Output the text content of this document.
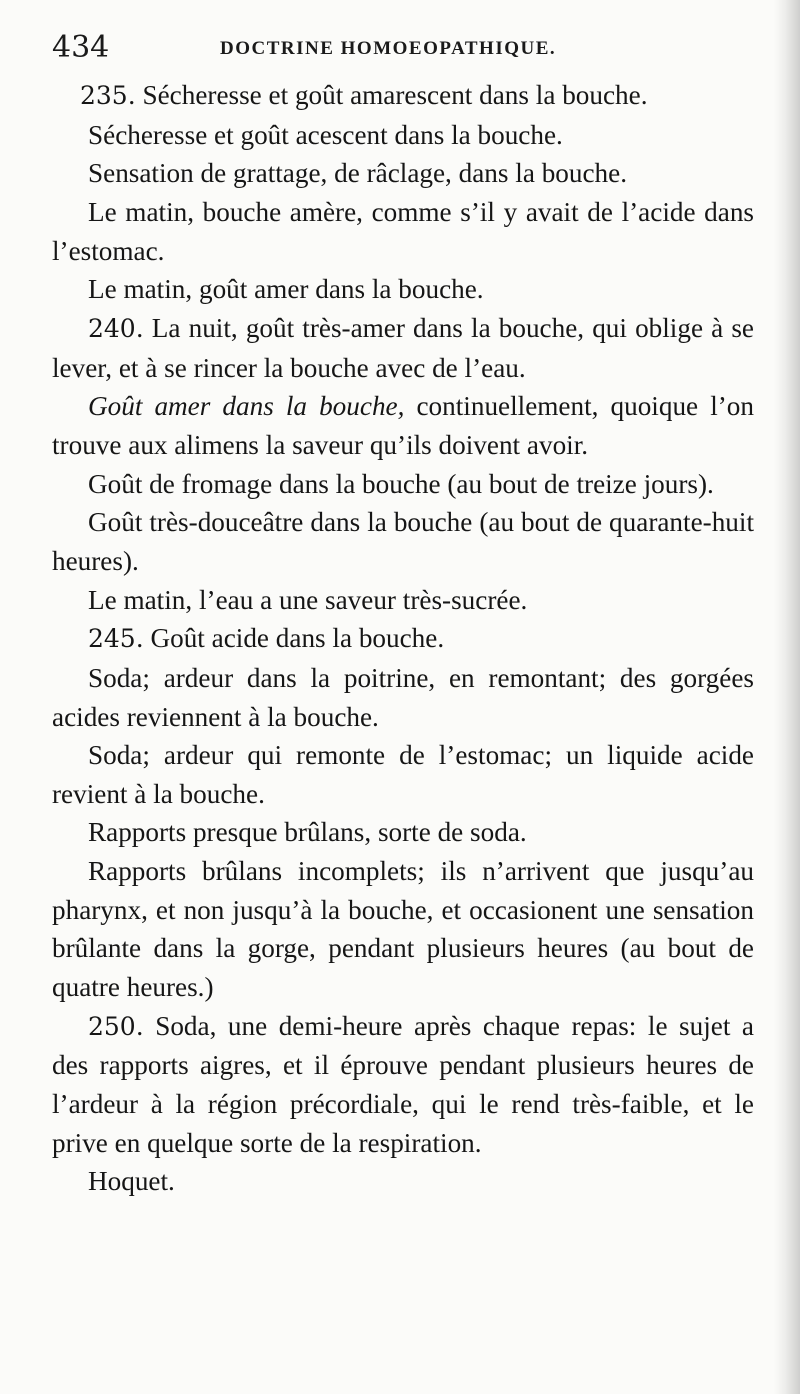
434	DOCTRINE HOMOEOPATHIQUE.

235. Sécheresse et goût amarescent dans la bouche.

Sécheresse et goût acescent dans la bouche.

Sensation de grattage, de râclage, dans la bouche.

Le matin, bouche amère, comme s’il y avait de l’acide dans l’estomac.

Le matin, goût amer dans la bouche.

240. La nuit, goût très-amer dans la bouche, qui oblige à se lever, et à se rincer la bouche avec de l’eau.

Goût amer dans la bouche, continuellement, quoique l’on trouve aux alimens la saveur qu’ils doivent avoir.

Goût de fromage dans la bouche (au bout de treize jours).

Goût très-douceâtre dans la bouche (au bout de quarante-huit heures).

Le matin, l’eau a une saveur très-sucrée.

245. Goût acide dans la bouche.

Soda; ardeur dans la poitrine, en remontant; des gorgées acides reviennent à la bouche.

Soda; ardeur qui remonte de l’estomac; un liquide acide revient à la bouche.

Rapports presque brûlans, sorte de soda.

Rapports brûlans incomplets; ils n’arrivent que jusqu’au pharynx, et non jusqu’à la bouche, et occasionent une sensation brûlante dans la gorge, pendant plusieurs heures (au bout de quatre heures.)

250. Soda, une demi-heure après chaque repas: le sujet a des rapports aigres, et il éprouve pendant plusieurs heures de l’ardeur à la région précordiale, qui le rend très-faible, et le prive en quelque sorte de la respiration.

Hoquet.
